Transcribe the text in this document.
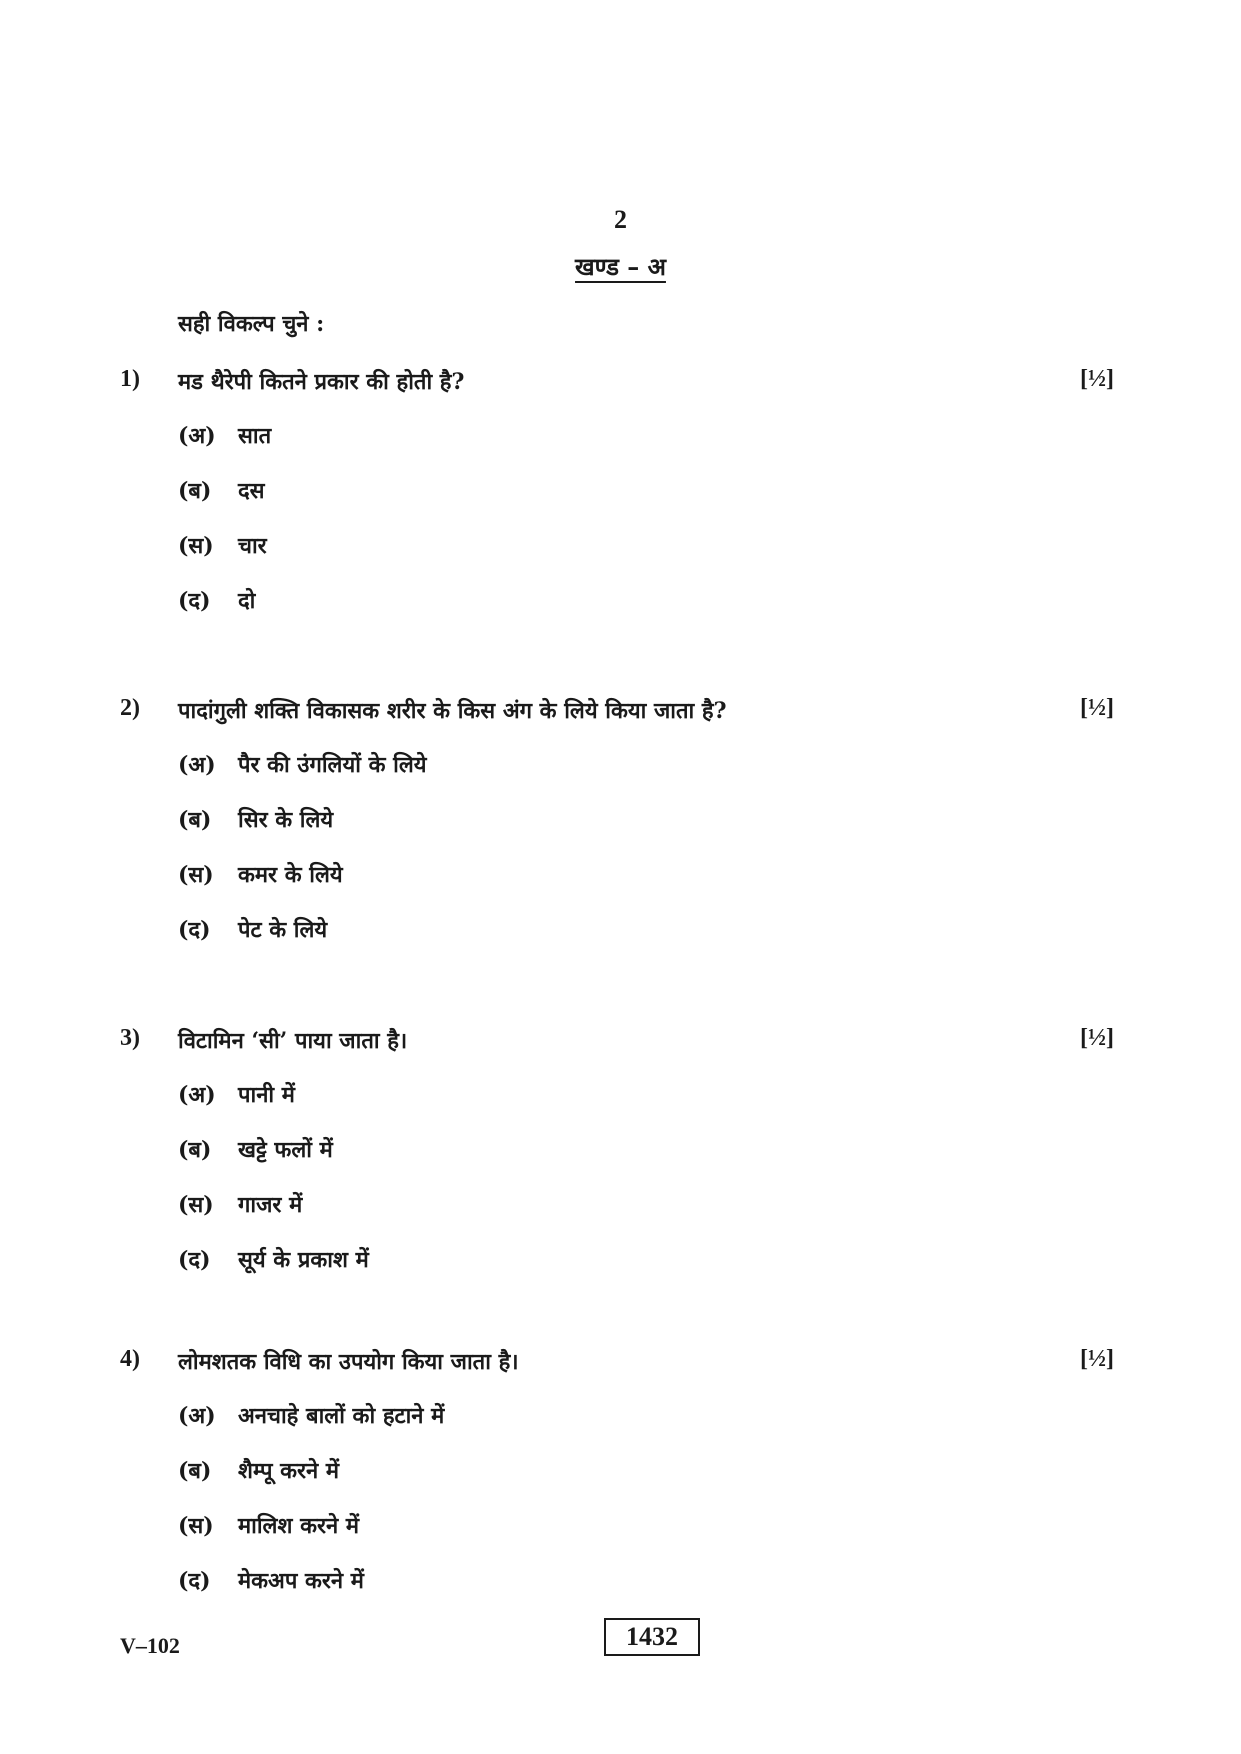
2
खण्ड – अ
सही विकल्प चुने :
1) मड थैरेपी कितने प्रकार की होती है?	[½]
(अ) सात
(ब) दस
(स) चार
(द) दो
2) पादांगुली शक्ति विकासक शरीर के किस अंग के लिये किया जाता है?	[½]
(अ) पैर की उंगलियों के लिये
(ब) सिर के लिये
(स) कमर के लिये
(द) पेट के लिये
3) विटामिन ‘सी’ पाया जाता है।	[½]
(अ) पानी में
(ब) खट्टे फलों में
(स) गाजर में
(द) सूर्य के प्रकाश में
4) लोमशतक विधि का उपयोग किया जाता है।	[½]
(अ) अनचाहे बालों को हटाने में
(ब) शैम्पू करने में
(स) मालिश करने में
(द) मेकअप करने में
V–102	1432
